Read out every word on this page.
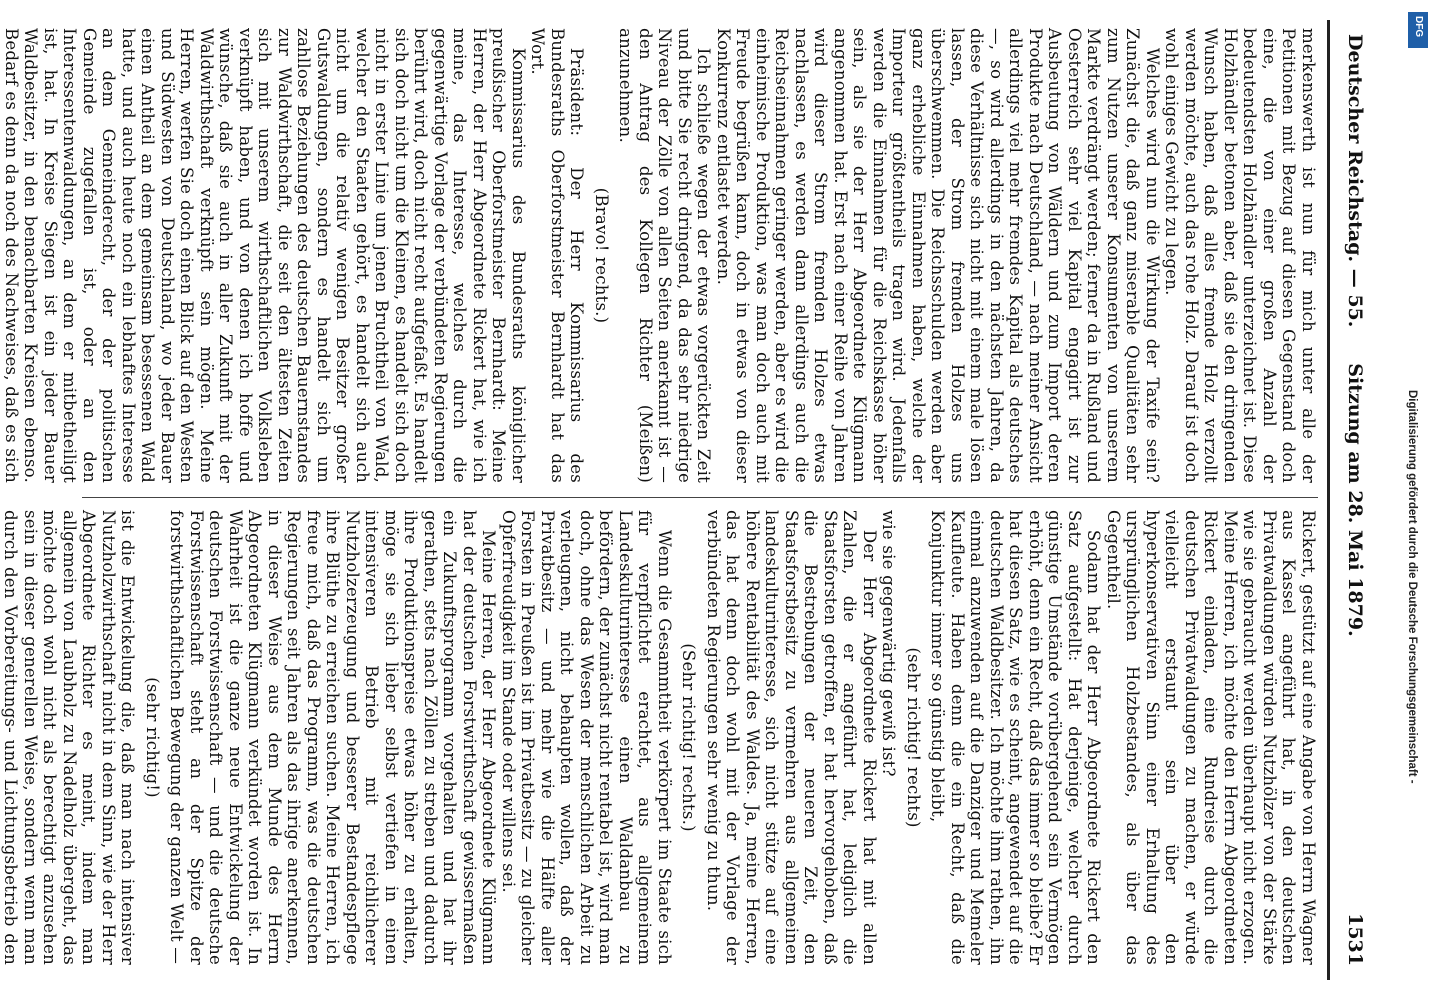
Deutscher Reichstag. — 55.
Sitzung am 28. Mai 1879.
1531

merkenswerth ist nun für mich unter alle der Petitionen mit Bezug auf diesen Gegenstand doch eine, die von einer großen Anzahl der bedeutendsten Holzhändler unterzeichnet ist. Diese Holzhändler betonen aber, daß sie den dringenden Wunsch haben, daß alles fremde Holz verzollt werden möchte, auch das rohe Holz. Darauf ist doch wohl einiges Gewicht zu legen.

Welches wird nun die Wirkung der Taxife sein? Zunächst die, daß ganz miserable Qualitäten sehr zum Nutzen unserer Konsumenten von unserem Markte verdrängt werden; ferner da in Rußland und Oesterreich sehr viel Kapital engagirt ist zur Ausbeutung von Wäldern und zum Import deren Produkte nach Deutschland, — nach meiner Ansicht allerdings viel mehr fremdes Kapital als deutsches —, so wird allerdings in den nächsten Jahren, da diese Verhältnisse sich nicht mit einem male lösen lassen, der Strom fremden Holzes uns überschwemmen. Die Reichsschulden werden aber ganz erhebliche Einnahmen haben, welche der Importeur größtentheils tragen wird. Jedenfalls werden die Einnahmen für die Reichskasse höher sein, als sie der Herr Abgeordnete Klügmann angenommen hat. Erst nach einer Reihe von Jahren wird dieser Strom fremden Holzes etwas nachlassen, es werden dann allerdings auch die Reichseinnahmen geringer werden, aber es wird die einheimische Produktion, was man doch auch mit Freude begrüßen kann, doch in etwas von dieser Konkurrenz entlastet werden.

Ich schließe wegen der etwas vorgerückten Zeit und bitte Sie recht dringend, da das sehr niedrige Niveau der Zölle von allen Seiten anerkannt ist — den Antrag des Kollegen Richter (Meißen) anzunehmen.

(Bravo! rechts.)

Präsident: Der Herr Kommissarius des Bundesraths Oberforstmeister Bernhardt hat das Wort.

Kommissarius des Bundesraths königlicher preußischer Oberforstmeister Bernhardt: Meine Herren, der Herr Abgeordnete Rickert hat, wie ich meine, das Interesse, welches durch die gegenwärtige Vorlage der verbündeten Regierungen berührt wird, doch nicht recht aufgefaßt. Es handelt sich doch nicht um die Kleinen, es handelt sich doch nicht in erster Linie um jenen Bruchtheil von Wald, welcher den Staaten gehört, es handelt sich auch nicht um die relativ wenigen Besitzer großer Gutswaldungen, sondern es handelt sich um zahllose Beziehungen des deutschen Bauernstandes zur Waldwirthschaft, die seit den ältesten Zeiten sich mit unserem wirthschaftlichen Volksleben verknüpft haben, und von denen ich hoffe und wünsche, daß sie auch in aller Zukunft mit der Waldwirthschaft verknüpft sein mögen. Meine Herren, werfen Sie doch einen Blick auf den Westen und Südwesten von Deutschland, wo jeder Bauer einen Antheil an dem gemeinsam besessenen Wald hatte, und auch heute noch ein lebhaftes Interesse an dem Gemeinderecht, der der politischen Gemeinde zugefallen ist, oder an den Interessentenwaldungen, an dem er mitbetheiligt ist, hat. In Kreise Siegen ist ein jeder Bauer Waldbesitzer, in den benachbarten Kreisen ebenso. Bedarf es denn da noch des Nachweises, daß es sich

Rickert, gestützt auf eine Angabe von Herrn Wagner aus Kassel angeführt hat, in den deutschen Privatwaldungen würden Nutzhölzer von der Stärke wie sie gebraucht werden überhaupt nicht erzogen. Meine Herren, ich möchte den Herrn Abgeordneten Rickert einladen, eine Rundreise durch die deutschen Privatwaldungen zu machen, er würde vielleicht erstaunt sein über den hyperkonservativen Sinn einer Erhaltung des ursprünglichen Holzbestandes, als über das Gegentheil.

Sodann hat der Herr Abgeordnete Rickert den Satz aufgestellt: Hat derjenige, welcher durch günstige Umstände vorübergehend sein Vermögen erhöht, denn ein Recht, daß das immer so bleibe? Er hat diesen Satz, wie es scheint, angewendet auf die deutschen Waldbesitzer. Ich möchte ihm rathen, ihn einmal anzuwenden auf die Danziger und Memeler Kaufleute. Haben denn die ein Recht, daß die Konjunktur immer so günstig bleibt,

(sehr richtig! rechts)

wie sie gegenwärtig gewiß ist?

Der Herr Abgeordnete Rickert hat mit allen Zahlen, die er angeführt hat, lediglich die Staatsforsten getroffen, er hat hervorgehoben, daß die Bestrebungen der neueren Zeit, den Staatsforstbesitz zu vermehren aus allgemeinen landeskulturinteresse, sich nicht stütze auf eine höhere Rentabilität des Waldes. Ja, meine Herren, das hat denn doch wohl mit der Vorlage der verbündeten Regierungen sehr wenig zu thun.

(Sehr richtig! rechts.)

Wenn die Gesammtheit verkörpert im Staate sich für verpflichtet erachtet, aus allgemeinem Landeskulturinteresse einen Waldanbau zu befördern, der zunächst nicht rentabel ist, wird man doch, ohne das Wesen der menschlichen Arbeit zu verleugnen, nicht behaupten wollen, daß der Privatbesitz — und mehr wie die Hälfte aller Forsten in Preußen ist im Privatbesitz — zu gleicher Opferfreudigkeit im Stande oder willens sei.

Meine Herren, der Herr Abgeordnete Klügmann hat der deutschen Forstwirthschaft gewissermaßen ein Zukunftsprogramm vorgehalten und hat ihr gerathen, stets nach Zöllen zu streben und dadurch ihre Produktionspreise etwas höher zu erhalten, möge sie sich lieber selbst vertiefen in einen intensiveren Betrieb mit reichlicherer Nutzholzerzeugung und besserer Bestandespflege ihre Blüthe zu erreichen suchen. Meine Herren, ich freue mich, daß das Programm, was die deutschen Regierungen seit Jahren als das ihrige anerkennen, in dieser Weise aus dem Munde des Herrn Abgeordneten Klügmann verkündet worden ist. In Wahrheit ist die ganze neue Entwickelung der deutschen Forstwissenschaft — und die deutsche Forstwissenschaft steht an der Spitze der forstwirthschaftlichen Bewegung der ganzen Welt —

(sehr richtig!)

ist die Entwickelung die, daß man nach intensiver Nutzholzwirthschaft nicht in dem Sinn, wie der Herr Abgeordnete Richter es meint, indem man allgemein von Laubholz zu Nadelholz übergeht, das möchte doch wohl nicht als berechtigt anzusehen sein in dieser generellen Weise, sondern wenn man durch den Vorbereitungs- und Lichtungsbetrieb den

DFG
Digitalisierung gefördert durch die Deutsche Forschungsgemeinschaft -
